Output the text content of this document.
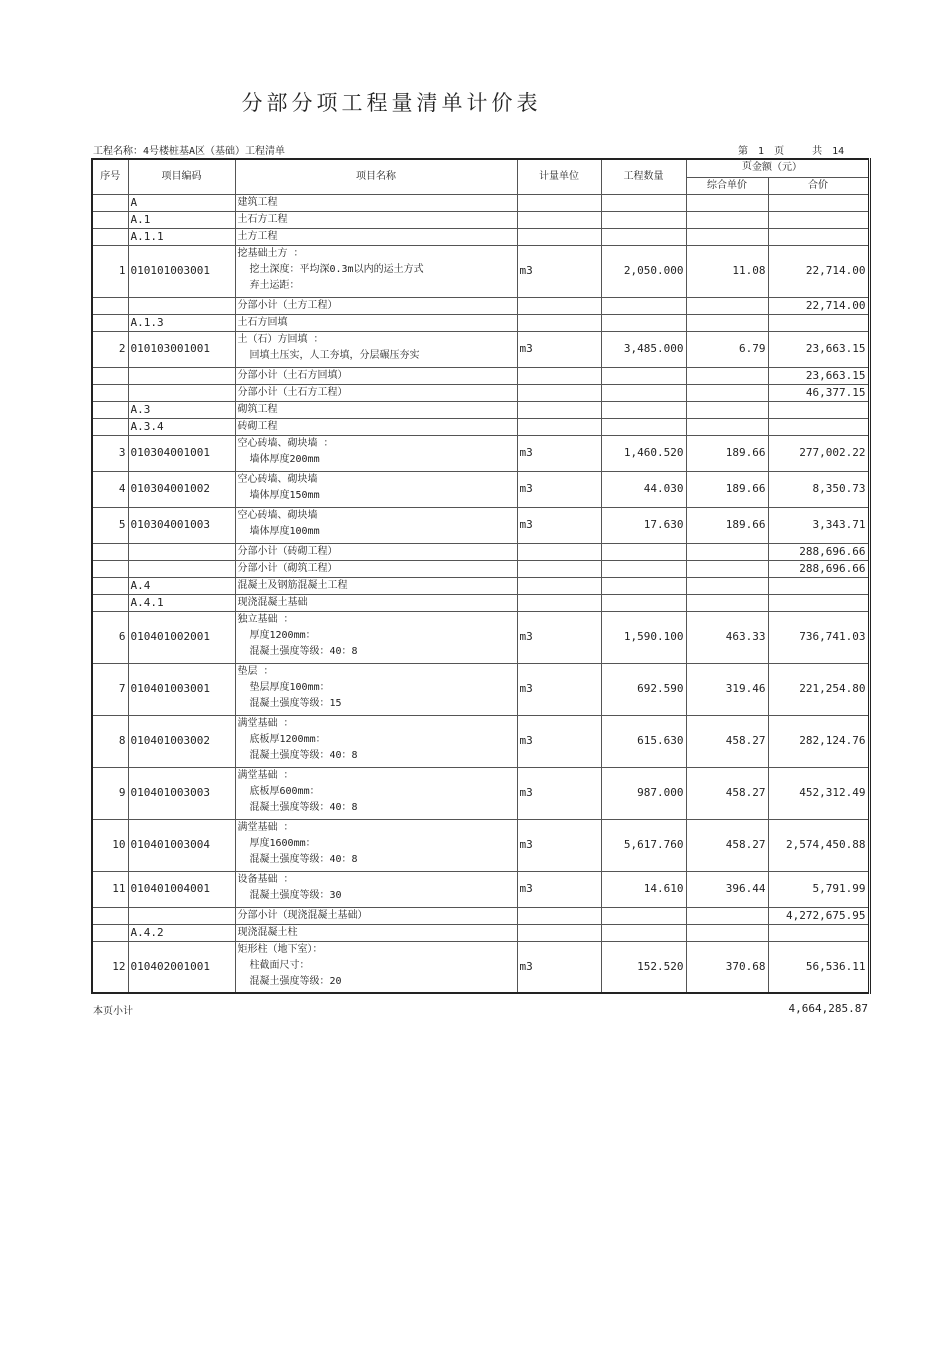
分部分项工程量清单计价表
工程名称：4号楼桩基A区（基础）工程清单	第 1 页	共 14 页
序号	项目编码	项目名称	计量单位	工程数量	金额（元）	
					综合单价	合价
	A	建筑工程				

	A.1	土石方工程				

	A.1.1	土方工程				

1	010101003001	挖基础土方 ：
挖土深度：平均深0.3m以内的运土方式
弃土运距：	m3	2,050.000	11.08	22,714.00

		分部小计（土方工程）				22,714.00
	A.1.3	土石方回填				

2	010103001001	土（石）方回填 ：
回填土压实，人工夯填，分层碾压夯实	m3	3,485.000	6.79	23,663.15

		分部小计（土石方回填）				23,663.15

		分部小计（土石方工程）				46,377.15
	A.3	砌筑工程				

	A.3.4	砖砌工程				

3	010304001001	空心砖墙、砌块墙 ：
墙体厚度200mm	m3	1,460.520	189.66	277,002.22
4	010304001002	空心砖墙、砌块墙
墙体厚度150mm	m3	44.030	189.66	8,350.73
5	010304001003	空心砖墙、砌块墙
墙体厚度100mm	m3	17.630	189.66	3,343.71

		分部小计（砖砌工程）				288,696.66

		分部小计（砌筑工程）				288,696.66
	A.4	混凝土及钢筋混凝土工程				

	A.4.1	现浇混凝土基础				

6	010401002001	独立基础 ：
厚度1200mm：
混凝土强度等级：40：8	m3	1,590.100	463.33	736,741.03
7	010401003001	垫层 ：
垫层厚度100mm：
混凝土强度等级：15	m3	692.590	319.46	221,254.80
8	010401003002	满堂基础 ：
底板厚1200mm：
混凝土强度等级：40：8	m3	615.630	458.27	282,124.76
9	010401003003	满堂基础 ：
底板厚600mm：
混凝土强度等级：40：8	m3	987.000	458.27	452,312.49
10	010401003004	满堂基础 ：
厚度1600mm：
混凝土强度等级：40：8	m3	5,617.760	458.27	2,574,450.88
11	010401004001	设备基础 ：
混凝土强度等级：30	m3	14.610	396.44	5,791.99

		分部小计（现浇混凝土基础）				4,272,675.95
	A.4.2	现浇混凝土柱				

12	010402001001	矩形柱（地下室）：
柱截面尺寸：
混凝土强度等级：20	m3	152.520	370.68	56,536.11
本页小计	4,664,285.87
